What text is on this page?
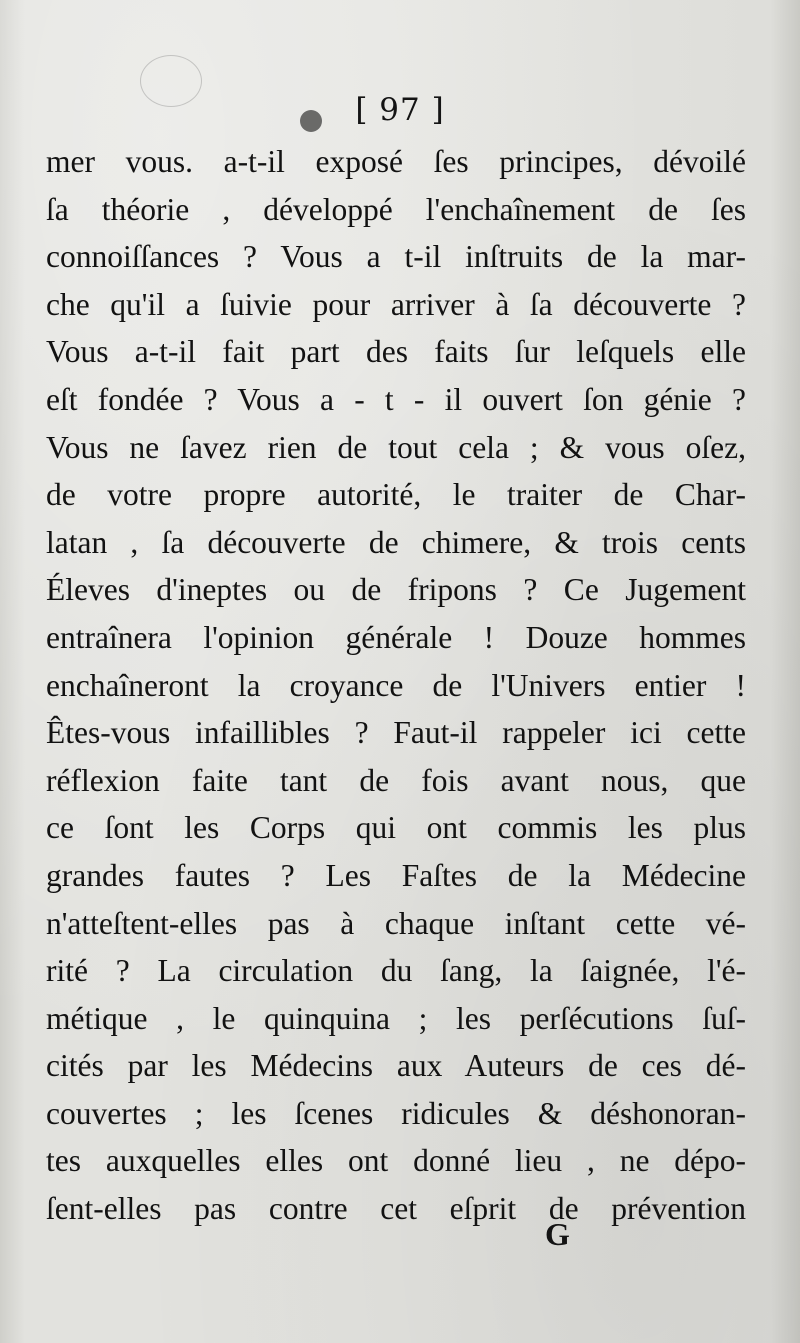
[ 97 ]
mer vous. a-t-il exposé ſes principes, dévoilé
ſa théorie , développé l'enchaînement de ſes
connoiſſances ? Vous a t-il inſtruits de la mar-
che qu'il a ſuivie pour arriver à ſa découverte ?
Vous a-t-il fait part des faits ſur leſquels elle
eſt fondée ? Vous a - t - il ouvert ſon génie ?
Vous ne ſavez rien de tout cela ; & vous oſez,
de votre propre autorité, le traiter de Char-
latan , ſa découverte de chimere, & trois cents
Éleves d'ineptes ou de fripons ? Ce Jugement
entraînera l'opinion générale ! Douze hommes
enchaîneront la croyance de l'Univers entier !
Êtes-vous infaillibles ? Faut-il rappeler ici cette
réflexion faite tant de fois avant nous, que
ce ſont les Corps qui ont commis les plus
grandes fautes ? Les Faſtes de la Médecine
n'atteſtent-elles pas à chaque inſtant cette vé-
rité ? La circulation du ſang, la ſaignée, l'é-
métique , le quinquina ; les perſécutions ſuſ-
cités par les Médecins aux Auteurs de ces dé-
couvertes ; les ſcenes ridicules & déshonoran-
tes auxquelles elles ont donné lieu , ne dépo-
ſent-elles pas contre cet eſprit de prévention
G
